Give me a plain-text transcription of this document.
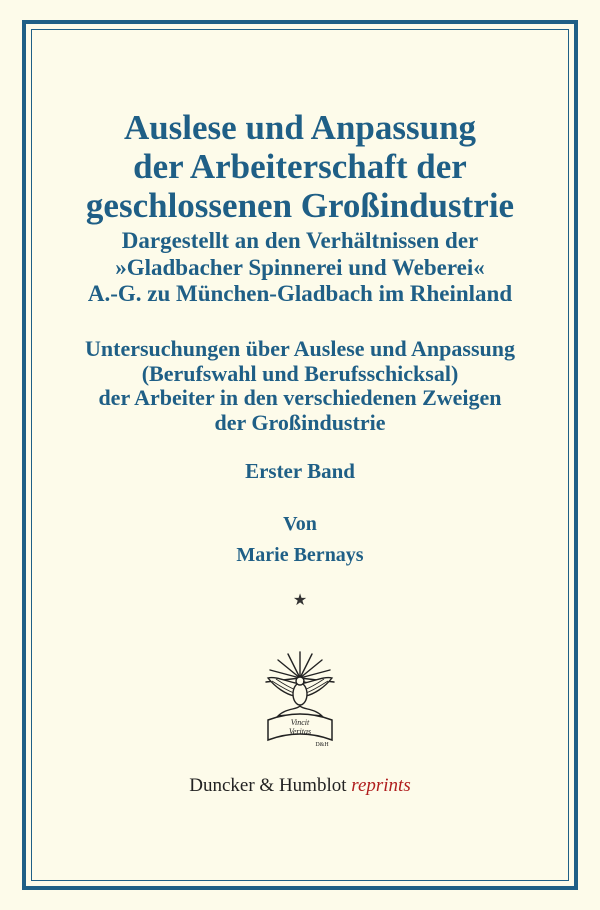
Auslese und Anpassung
der Arbeiterschaft der
geschlossenen Großindustrie
Dargestellt an den Verhältnissen der
»Gladbacher Spinnerei und Weberei«
A.-G. zu München-Gladbach im Rheinland
Untersuchungen über Auslese und Anpassung
(Berufswahl und Berufsschicksal)
der Arbeiter in den verschiedenen Zweigen
der Großindustrie
Erster Band
Von
Marie Bernays
★
Vincit
Veritas
D&H
Duncker & Humblot reprints
